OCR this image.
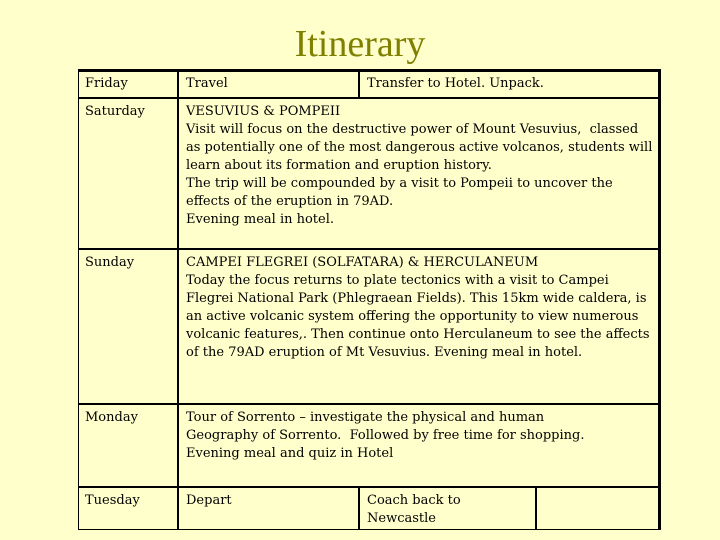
Itinerary
Friday	Travel	Transfer to Hotel. Unpack.
Saturday	VESUVIUS & POMPEII
Visit will focus on the destructive power of Mount Vesuvius,  classed as potentially one of the most dangerous active volcanos, students will learn about its formation and eruption history.
The trip will be compounded by a visit to Pompeii to uncover the effects of the eruption in 79AD.
Evening meal in hotel.
Sunday	CAMPEI FLEGREI (SOLFATARA) & HERCULANEUM
Today the focus returns to plate tectonics with a visit to Campei Flegrei National Park (Phlegraean Fields). This 15km wide caldera, is an active volcanic system offering the opportunity to view numerous volcanic features,. Then continue onto Herculaneum to see the affects of the 79AD eruption of Mt Vesuvius. Evening meal in hotel.
Monday	Tour of Sorrento – investigate the physical and human Geography of Sorrento.  Followed by free time for shopping.
Evening meal and quiz in Hotel
Tuesday	Depart	Coach back to Newcastle
